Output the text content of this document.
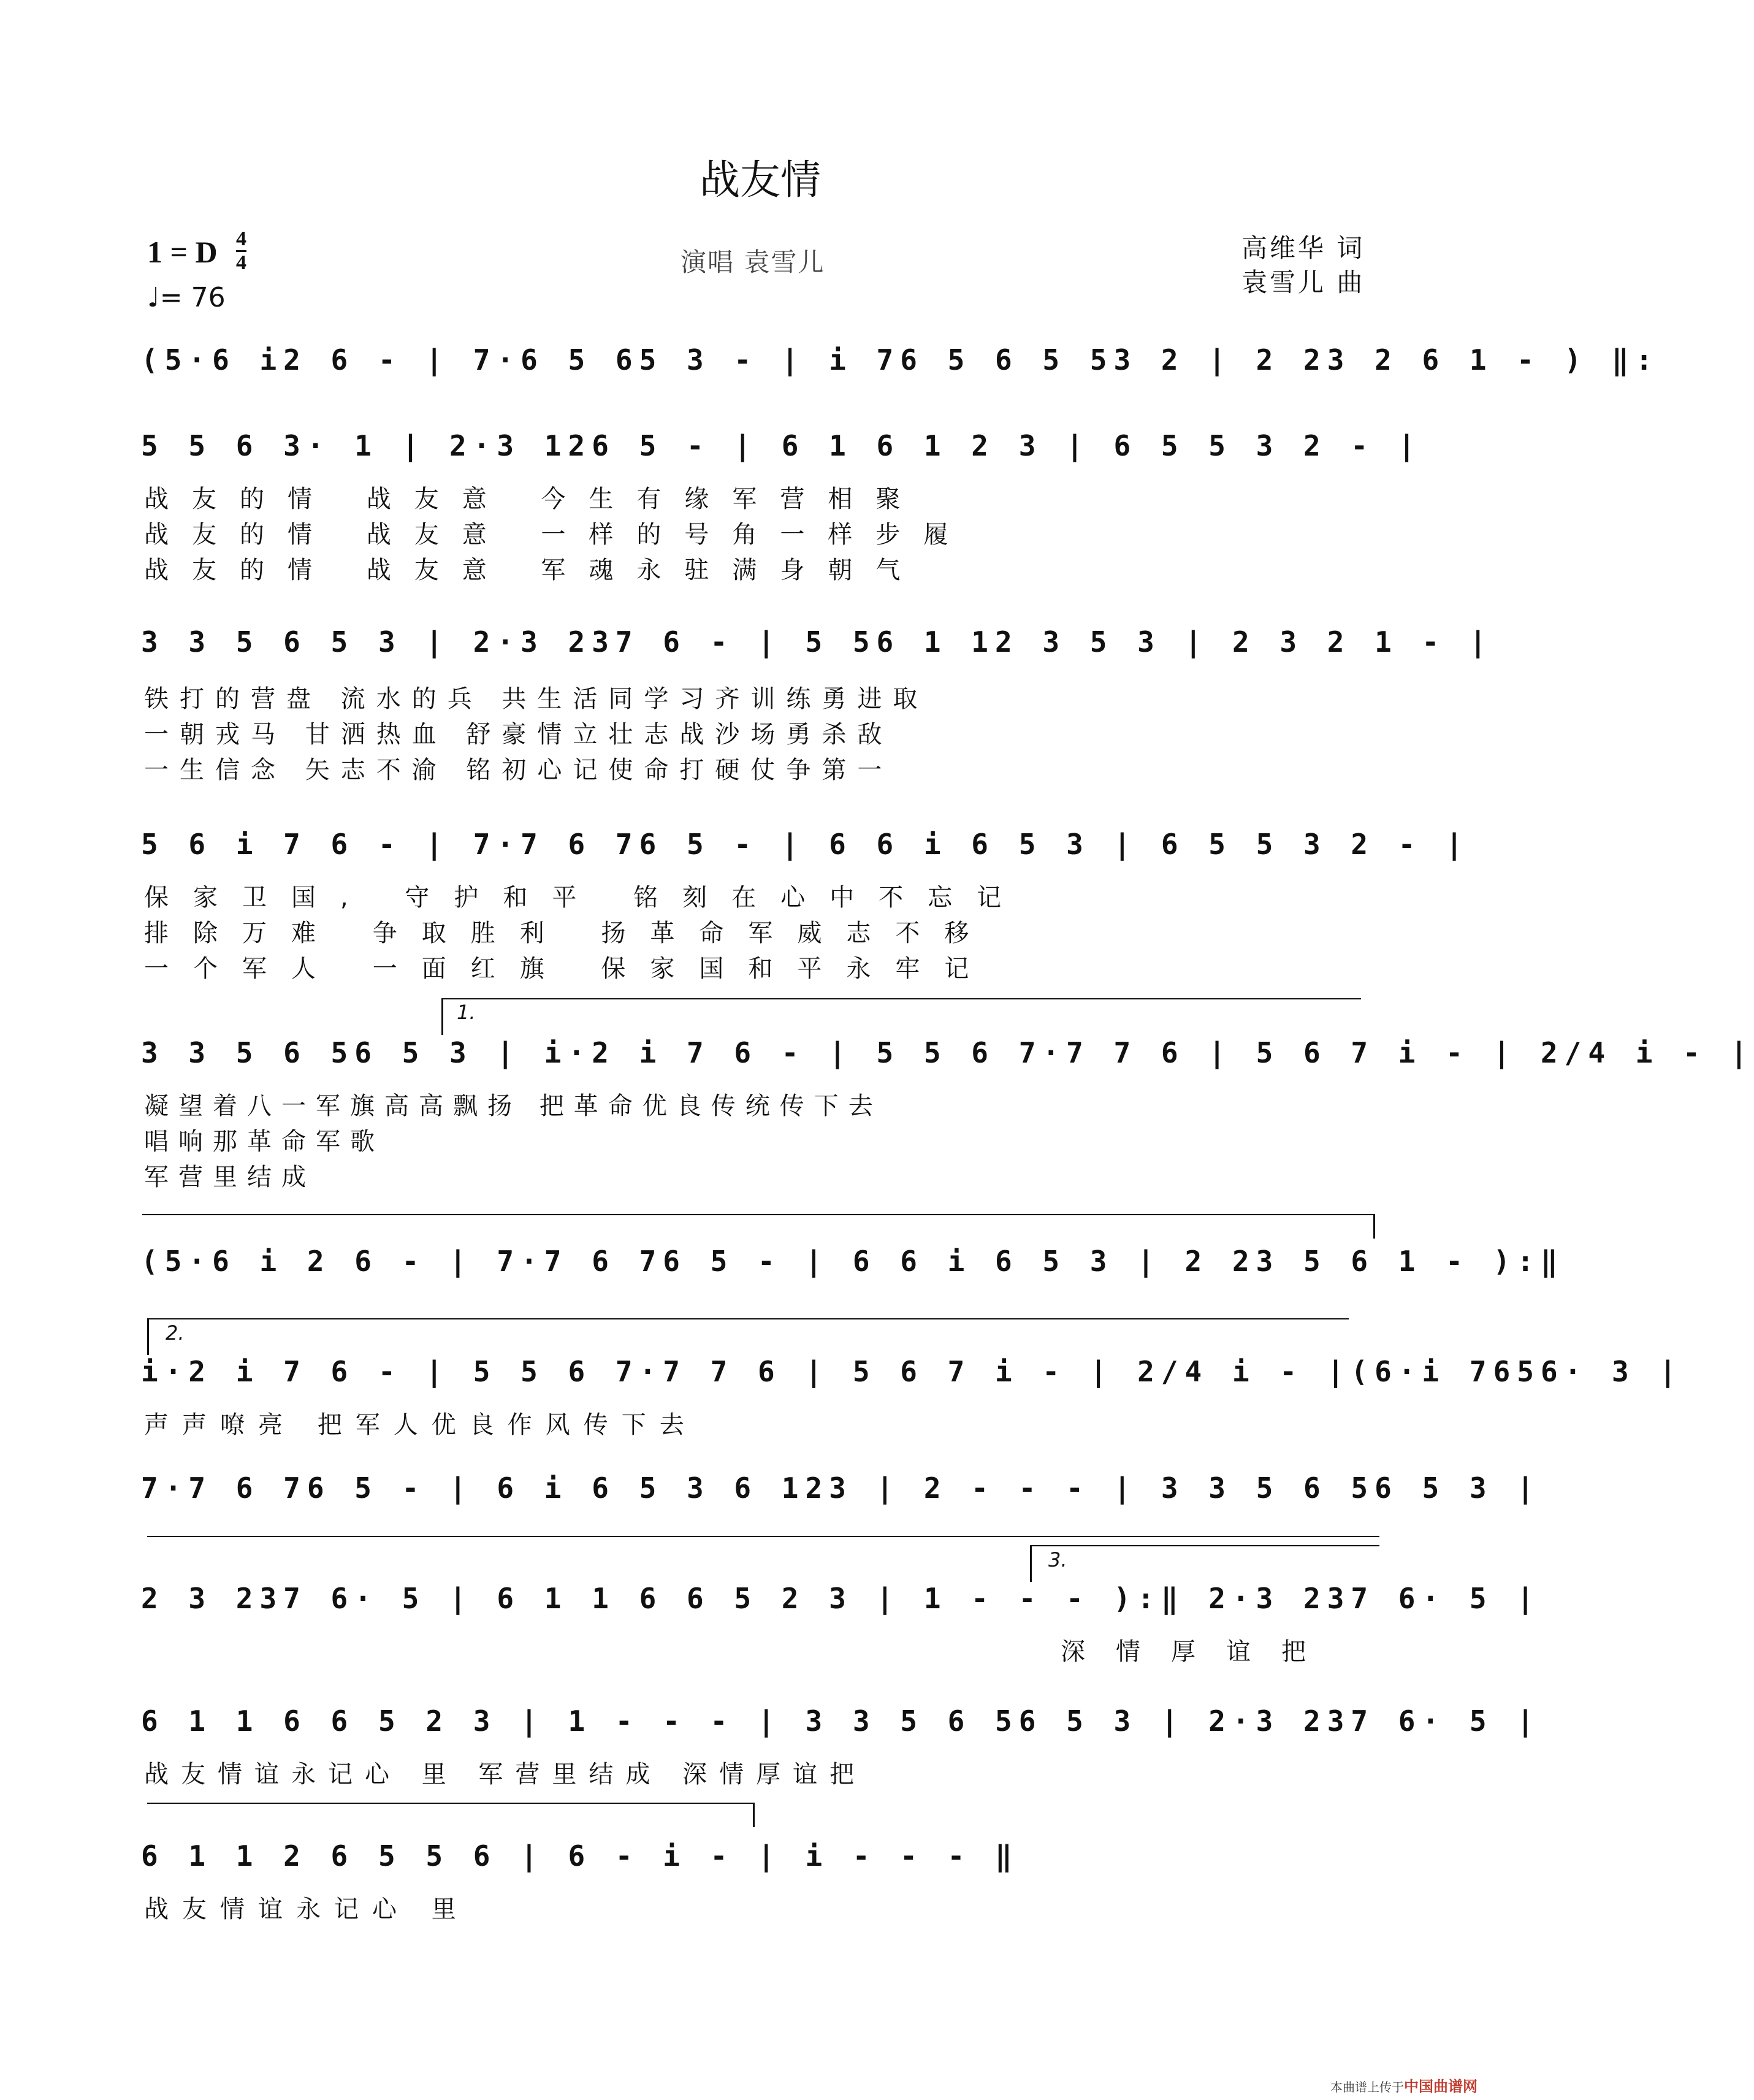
战友情
1 = D 4
4
♩= 76
演唱 袁雪儿	高维华 词
袁雪儿 曲
(5·6 i2 6 - | 7·6 5 65 3 - | i 76 5 6 5 53 2 | 2 23 2 6 1 - ) ‖:
5 5 6 3· 1 | 2·3 126 5 - | 6 1 6 1 2 3 | 6 5 5 3 2 - |
战友的情 战友意 今生有缘军营相聚
战友的情 战友意 一样的号角一样步履
战友的情 战友意 军魂永驻满身朝气
3 3 5 6 5 3 | 2·3 237 6 - | 5 56 1 12 3 5 3 | 2 3 2 1 - |
铁打的营盘 流水的兵 共生活同学习齐训练勇进取
一朝戎马 甘洒热血 舒豪情立壮志战沙场勇杀敌
一生信念 矢志不渝 铭初心记使命打硬仗争第一
5 6 i 7 6 - | 7·7 6 76 5 - | 6 6 i 6 5 3 | 6 5 5 3 2 - |
保家卫国, 守护和平 铭刻在心中不忘记
排除万难 争取胜利 扬革命军威志不移
一个军人 一面红旗 保家国和平永牢记
1.
3 3 5 6 56 5 3 | i·2 i 7 6 - | 5 5 6 7·7 7 6 | 5 6 7 i - | 2/4 i - |
凝望着八一军旗高高飘扬 把革命优良传统传下去
唱响那革命军歌
军营里结成
(5·6 i 2 6 - | 7·7 6 76 5 - | 6 6 i 6 5 3 | 2 23 5 6 1 - ):‖
2.
i·2 i 7 6 - | 5 5 6 7·7 7 6 | 5 6 7 i - | 2/4 i - |(6·i 7656· 3 |
声声嘹亮 把军人优良作风传下去
7·7 6 76 5 - | 6 i 6 5 3 6 123 | 2 - - - | 3 3 5 6 56 5 3 |
3.
2 3 237 6· 5 | 6 1 1 6 6 5 2 3 | 1 - - - ):‖ 2·3 237 6· 5 |
深情厚谊把
6 1 1 6 6 5 2 3 | 1 - - - | 3 3 5 6 56 5 3 | 2·3 237 6· 5 |
战友情谊永记心 里 军营里结成 深情厚谊把
6 1 1 2 6 5 5 6 | 6 - i - | i - - - ‖
战友情谊永记心 里
本曲谱上传于 中国曲谱网
